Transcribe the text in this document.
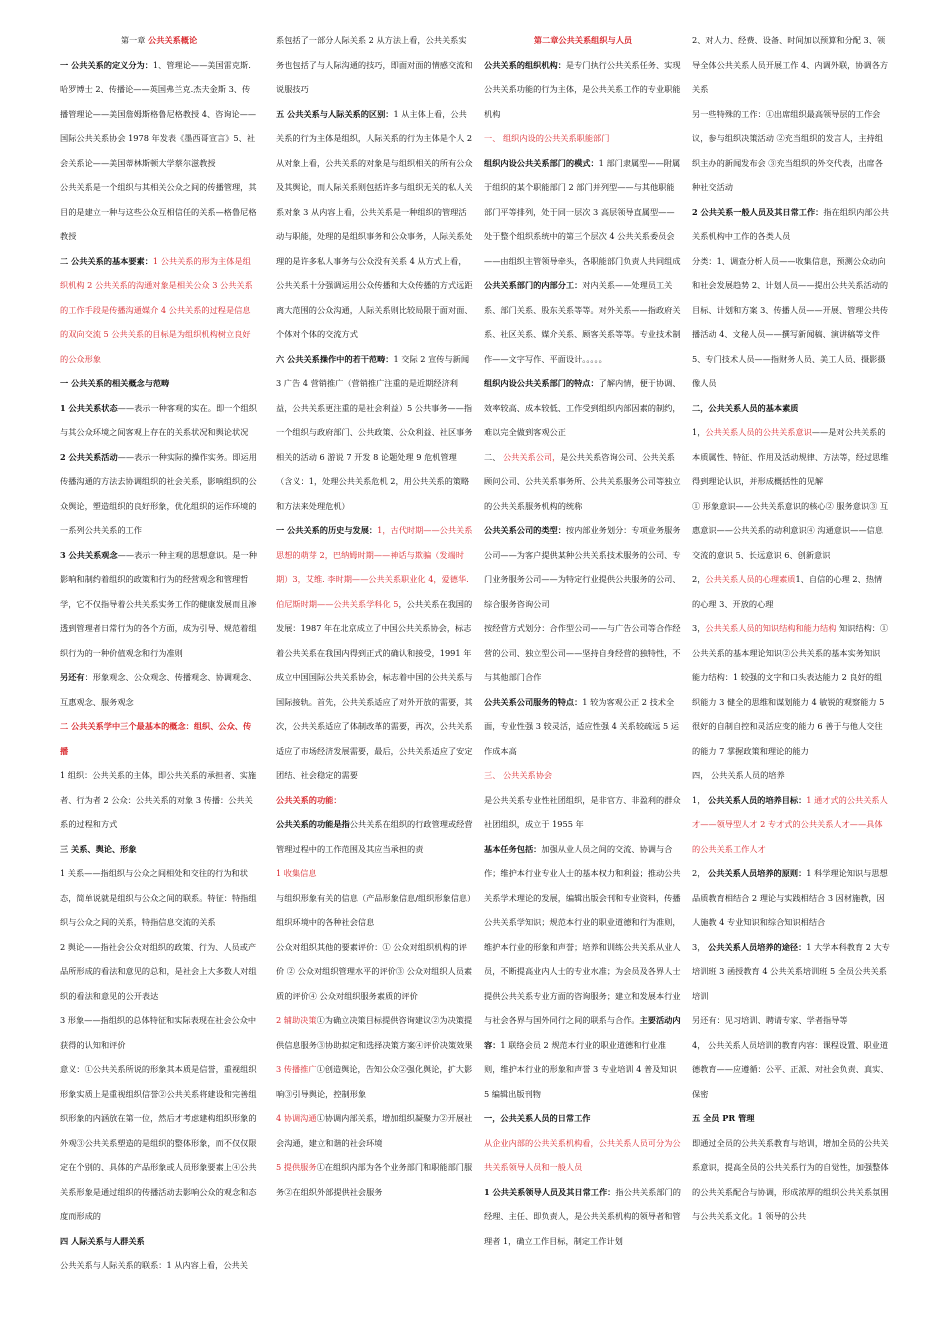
第一章 公共关系概论

一 公共关系的定义分为：1、管理论——美国雷克斯.哈罗博士 2、传播论——英国弗兰克.杰夫金斯 3、传播管理论——美国詹姆斯格鲁尼格教授 4、咨询论——国际公共关系协会 1978 年发表《墨西哥宣言》5、社会关系论——美国蒂林斯顿大学蔡尔滋教授

公共关系是一个组织与其相关公众之间的传播管理，其目的是建立一种与这些公众互相信任的关系—格鲁尼格教授

二 公共关系的基本要素：1 公共关系的形为主体是组织机构 2 公共关系的沟通对象是相关公众 3 公共关系的工作手段是传播沟通媒介 4 公共关系的过程是信息的双向交流 5 公共关系的目标是为组织机构树立良好的公众形象

一 公共关系的相关概念与范畴

1 公共关系状态——表示一种客观的实在。即一个组织与其公众环境之间客观上存在的关系状况和舆论状况

2 公共关系活动——表示一种实际的操作实务。即运用传播沟通的方法去协调组织的社会关系，影响组织的公众舆论，塑造组织的良好形象，优化组织的运作环境的一系列公共关系的工作

3 公共关系观念——表示一种主观的思想意识。是一种影响和制约着组织的政策和行为的经营观念和管理哲学，它不仅指导着公共关系实务工作的健康发展而且渗透到管理者日常行为的各个方面，成为引导、规范着组织行为的一种价值观念和行为准则

另还有：形象观念、公众观念、传播观念、协调观念、互惠观念、服务观念

二 公共关系学中三个最基本的概念：组织、公众、传播

1 组织：公共关系的主体，即公共关系的承担者、实施者、行为者 2 公众：公共关系的对象 3 传播：公共关系的过程和方式

三 关系、舆论、形象

1 关系——指组织与公众之间相处和交往的行为和状态，简单说就是组织与公众之间的联系。特征：特指组织与公众之间的关系，特指信息交流的关系

2 舆论——指社会公众对组织的政策、行为、人员或产品所形成的看法和意见的总和，是社会上大多数人对组织的看法和意见的公开表达

3 形象——指组织的总体特征和实际表现在社会公众中获得的认知和评价

意义：①公共关系所说的形象其本质是信誉，重视组织形象实质上是重视组织信誉②公共关系将建设和完善组织形象的内涵放在第一位，然后才考虑建构组织形象的外观③公共关系塑造的是组织的整体形象，而不仅仅限定在个别的、具体的产品形象或人员形象要素上④公共关系形象是通过组织的传播活动去影响公众的观念和态度而形成的

四 人际关系与人群关系

公共关系与人际关系的联系：1 从内容上看，公共关

系包括了一部分人际关系 2 从方法上看，公共关系实务也包括了与人际沟通的技巧，即面对面的情感交流和说服技巧

五 公共关系与人际关系的区别：1 从主体上看，公共关系的行为主体是组织，人际关系的行为主体是个人 2 从对象上看，公共关系的对象是与组织相关的所有公众及其舆论，而人际关系则包括许多与组织无关的私人关系对象 3 从内容上看，公共关系是一种组织的管理活动与职能，处理的是组织事务和公众事务，人际关系处理的是许多私人事务与公众没有关系 4 从方式上看，公共关系十分强调运用公众传播和大众传播的方式远距离大范围的公众沟通，人际关系则比较局限于面对面、个体对个体的交流方式

六 公共关系操作中的若干范畴：1 交际 2 宣传与新闻 3 广告 4 营销推广（营销推广注重的是近期经济利益，公共关系更注重的是社会利益）5 公共事务——指一个组织与政府部门、公共政策、公众利益、社区事务相关的活动 6 游说 7 开发 8 论题处理 9 危机管理（含义：1，处理公共关系危机 2，用公共关系的策略和方法来处理危机）

一 公共关系的历史与发展：1，古代时期——公共关系思想的萌芽 2，巴纳姆时期——神话与欺骗（发端时期）3，艾维. 李时期——公共关系职业化 4，爱德华. 伯尼斯时期——公共关系学科化 5，公共关系在我国的发展：1987 年在北京成立了中国公共关系协会，标志着公共关系在我国内得到正式的确认和接受，1991 年成立中国国际公共关系协会，标志着中国的公共关系与国际接轨。首先，公共关系适应了对外开放的需要，其次，公共关系适应了体制改革的需要，再次，公共关系适应了市场经济发展需要，最后，公共关系适应了安定团结、社会稳定的需要

公共关系的功能：

公共关系的功能是指公共关系在组织的行政管理或经营管理过程中的工作范围及其应当承担的责

1 收集信息

与组织形象有关的信息（产品形象信息/组织形象信息）组织环境中的各种社会信息

公众对组织其他的要素评价：① 公众对组织机构的评价 ② 公众对组织管理水平的评价③ 公众对组织人员素质的评价④ 公众对组织服务素质的评价

2 辅助决策①为确立决策目标提供咨询建议②为决策提供信息服务③协助拟定和选择决策方案④评价决策效果

3 传播推广①创造舆论，告知公众②强化舆论，扩大影响③引导舆论，控制形象

4 协调沟通①协调内部关系，增加组织凝聚力②开展社会沟通，建立和谐的社会环境

5 提供服务①在组织内部为各个业务部门和职能部门服务②在组织外部提供社会服务

第二章公共关系组织与人员

公共关系的组织机构：是专门执行公共关系任务、实现公共关系功能的行为主体，是公共关系工作的专业职能机构

一、 组织内设的公共关系职能部门

组织内设公共关系部门的模式：1 部门隶属型——附属于组织的某个职能部门 2 部门并列型——与其他职能部门平等排列，处于同一层次 3 高层领导直属型——处于整个组织系统中的第三个层次 4 公共关系委员会——由组织主管领导牵头，各职能部门负责人共同组成

公共关系部门的内部分工：对内关系——处理员工关系、部门关系、股东关系等等。对外关系——指政府关系、社区关系、媒介关系、顾客关系等等。专业技术制作——文字写作、平面设计。。。。。

组织内设公共关系部门的特点：了解内情，便于协调、效率较高、成本较低、工作受到组织内部因素的制约，难以完全做到客观公正

二、 公共关系公司，是公共关系咨询公司、公共关系顾问公司、公共关系事务所、公共关系服务公司等独立的公共关系服务机构的统称

公共关系公司的类型：按内部业务划分：专项业务服务公司——为客户提供某种公共关系技术服务的公司、专门业务服务公司——为特定行业提供公共服务的公司、 综合服务咨询公司

按经营方式划分：合作型公司——与广告公司等合作经营的公司、独立型公司——坚持自身经营的独特性，不与其他部门合作

公共关系公司服务的特点：1 较为客观公正 2 技术全面，专业性强 3 较灵活，适应性强 4 关系较疏远 5 运作成本高

三、 公共关系协会

是公共关系专业性社团组织，是非官方、非盈利的群众社团组织，成立于 1955 年

基本任务包括：加强从业人员之间的交流、协调与合作；维护本行业专业人士的基本权力和利益；推动公共关系学术理论的发展，编辑出版会刊和专业资料，传播公共关系学知识；规范本行业的职业道德和行为准则，维护本行业的形象和声誉；培养和训练公共关系从业人员，不断提高业内人士的专业水准；为会员及各界人士提供公共关系专业方面的咨询服务；建立和发展本行业与社会各界与国外同行之间的联系与合作。主要活动内容：1 联络会员 2 规范本行业的职业道德和行业准则，维护本行业的形象和声誉 3 专业培训 4 普及知识 5 编辑出版刊物

一，公共关系人员的日常工作

从企业内部的公共关系机构看，公共关系人员可分为公共关系领导人员和一般人员

1 公共关系领导人员及其日常工作：指公共关系部门的经理、主任、即负责人，是公共关系机构的领导者和管理者 1，确立工作目标，制定工作计划

2、对人力、经费、设备、时间加以预算和分配 3、领导全体公共关系人员开展工作 4、内调外联，协调各方关系

另一些特殊的工作：①出席组织最高领导层的工作会议，参与组织决策活动 ②充当组织的发言人，主持组织主办的新闻发布会 ③充当组织的外交代表，出席各种社交活动

2 公共关系一般人员及其日常工作：指在组织内部公共关系机构中工作的各类人员

分类：1、调查分析人员——收集信息，预测公众动向和社会发展趋势 2、计划人员——提出公共关系活动的目标、计划和方案 3、传播人员——开展、管理公共传播活动 4、文秘人员——撰写新闻稿、演讲稿等文件 5、专门技术人员——指财务人员、美工人员、摄影摄像人员

二，公共关系人员的基本素质

1，公共关系人员的公共关系意识——是对公共关系的本质属性、特征、作用及活动规律、方法等，经过思维得到理论认识，并形成概括性的见解

① 形象意识——公共关系意识的核心② 服务意识③ 互惠意识——公共关系的动利意识④ 沟通意识——信息交流的意识 5、长远意识 6、创新意识

2，公共关系人员的心理素质1、自信的心理 2、热情的心理 3、开放的心理

3，公共关系人员的知识结构和能力结构 知识结构：①公共关系的基本理论知识②公共关系的基本实务知识

能力结构：1 较强的文字和口头表达能力 2 良好的组织能力 3 健全的思维和谋划能力 4 敏锐的观察能力 5 很好的自制自控和灵活应变的能力 6 善于与他人交往的能力 7 掌握政策和理论的能力

四， 公共关系人员的培养

1， 公共关系人员的培养目标：1 通才式的公共关系人才——领导型人才 2 专才式的公共关系人才——具体的公共关系工作人才

2， 公共关系人员培养的原则：1 科学理论知识与思想品质教育相结合 2 理论与实践相结合 3 因材施教，因人施教 4 专业知识和综合知识相结合

3， 公共关系人员培养的途径：1 大学本科教育 2 大专培训班 3 函授教育 4 公共关系培训班 5 全员公共关系培训

另还有：见习培训、聘请专家、学者指导等

4， 公共关系人员培训的教育内容：课程设置、职业道德教育——应遵循：公平、正派、对社会负责、真实、保密

五 全员 PR 管理

即通过全员的公共关系教育与培训，增加全员的公共关系意识，提高全员的公共关系行为的自觉性，加强整体的公共关系配合与协调，形成浓厚的组织公共关系氛围与公共关系文化。1 领导的公共
